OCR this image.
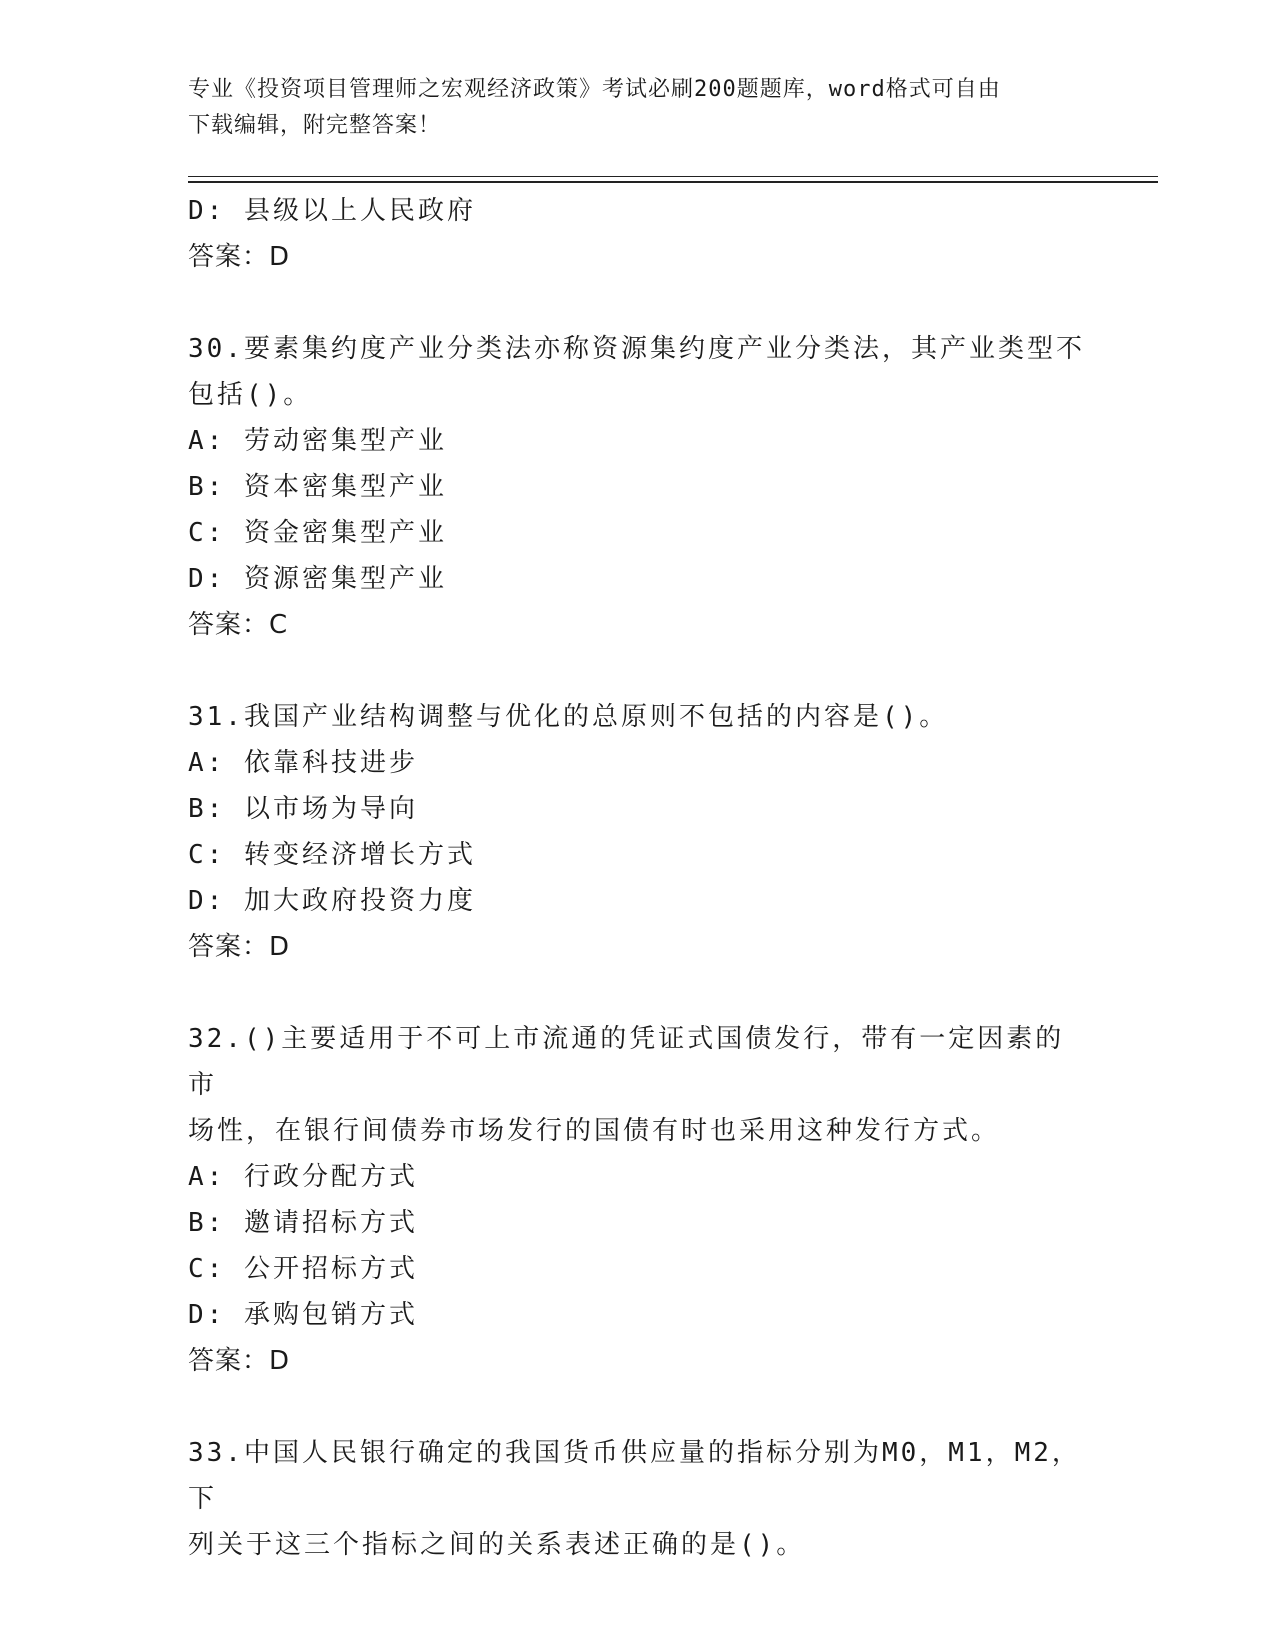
专业《投资项目管理师之宏观经济政策》考试必刷200题题库，word格式可自由
下载编辑，附完整答案！
D: 县级以上人民政府
答案：D
30.要素集约度产业分类法亦称资源集约度产业分类法，其产业类型不
包括()。
A: 劳动密集型产业
B: 资本密集型产业
C: 资金密集型产业
D: 资源密集型产业
答案：C
31.我国产业结构调整与优化的总原则不包括的内容是()。
A: 依靠科技进步
B: 以市场为导向
C: 转变经济增长方式
D: 加大政府投资力度
答案：D
32.()主要适用于不可上市流通的凭证式国债发行，带有一定因素的市
场性，在银行间债券市场发行的国债有时也采用这种发行方式。
A: 行政分配方式
B: 邀请招标方式
C: 公开招标方式
D: 承购包销方式
答案：D
33.中国人民银行确定的我国货币供应量的指标分别为M0，M1，M2，下
列关于这三个指标之间的关系表述正确的是()。
